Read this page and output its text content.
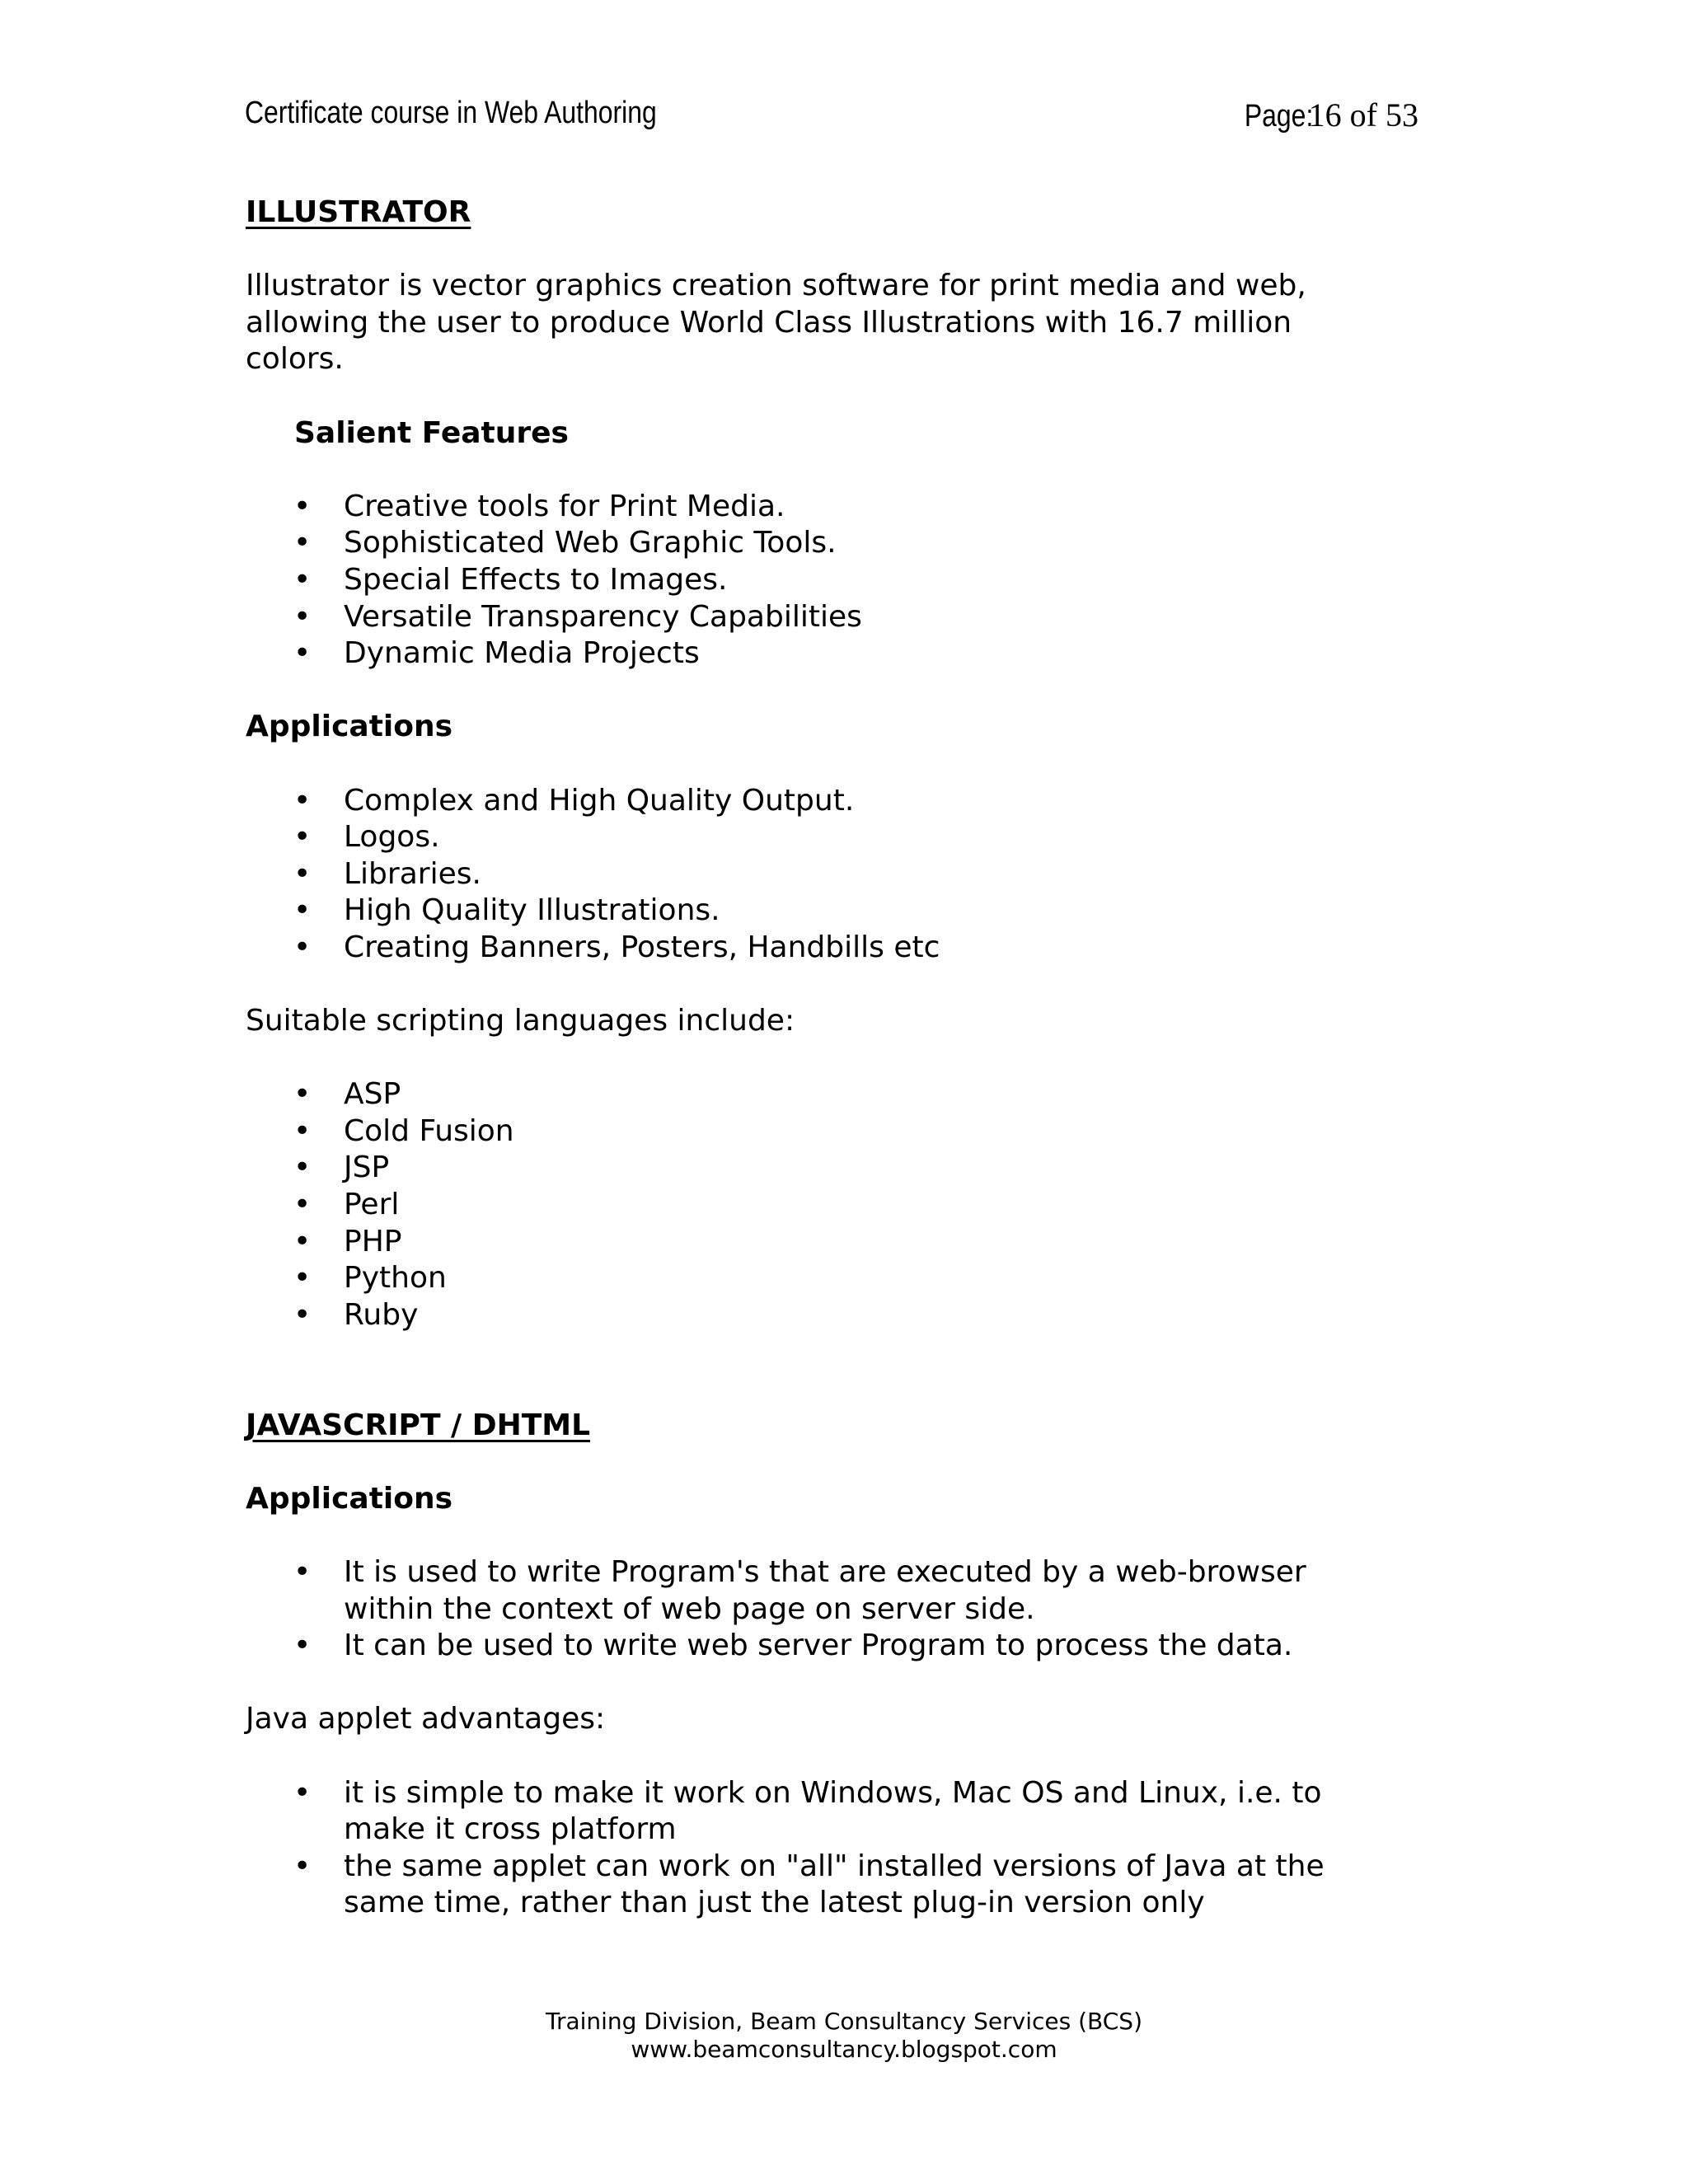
Certificate course in Web Authoring	Page:16 of 53
ILLUSTRATOR

Illustrator is vector graphics creation software for print media and web,
allowing the user to produce World Class Illustrations with 16.7 million
colors.

Salient Features
• Creative tools for Print Media.
• Sophisticated Web Graphic Tools.
• Special Effects to Images.
• Versatile Transparency Capabilities
• Dynamic Media Projects
Applications
• Complex and High Quality Output.
• Logos.
• Libraries.
• High Quality Illustrations.
• Creating Banners, Posters, Handbills etc

Suitable scripting languages include:

• ASP
• Cold Fusion
• JSP
• Perl
• PHP
• Python
• Ruby
JAVASCRIPT / DHTML
Applications
• It is used to write Program's that are executed by a web-browser
within the context of web page on server side.
• It can be used to write web server Program to process the data.

Java applet advantages:

• it is simple to make it work on Windows, Mac OS and Linux, i.e. to
make it cross platform
• the same applet can work on "all" installed versions of Java at the
same time, rather than just the latest plug-in version only
Training Division, Beam Consultancy Services (BCS)
www.beamconsultancy.blogspot.com
